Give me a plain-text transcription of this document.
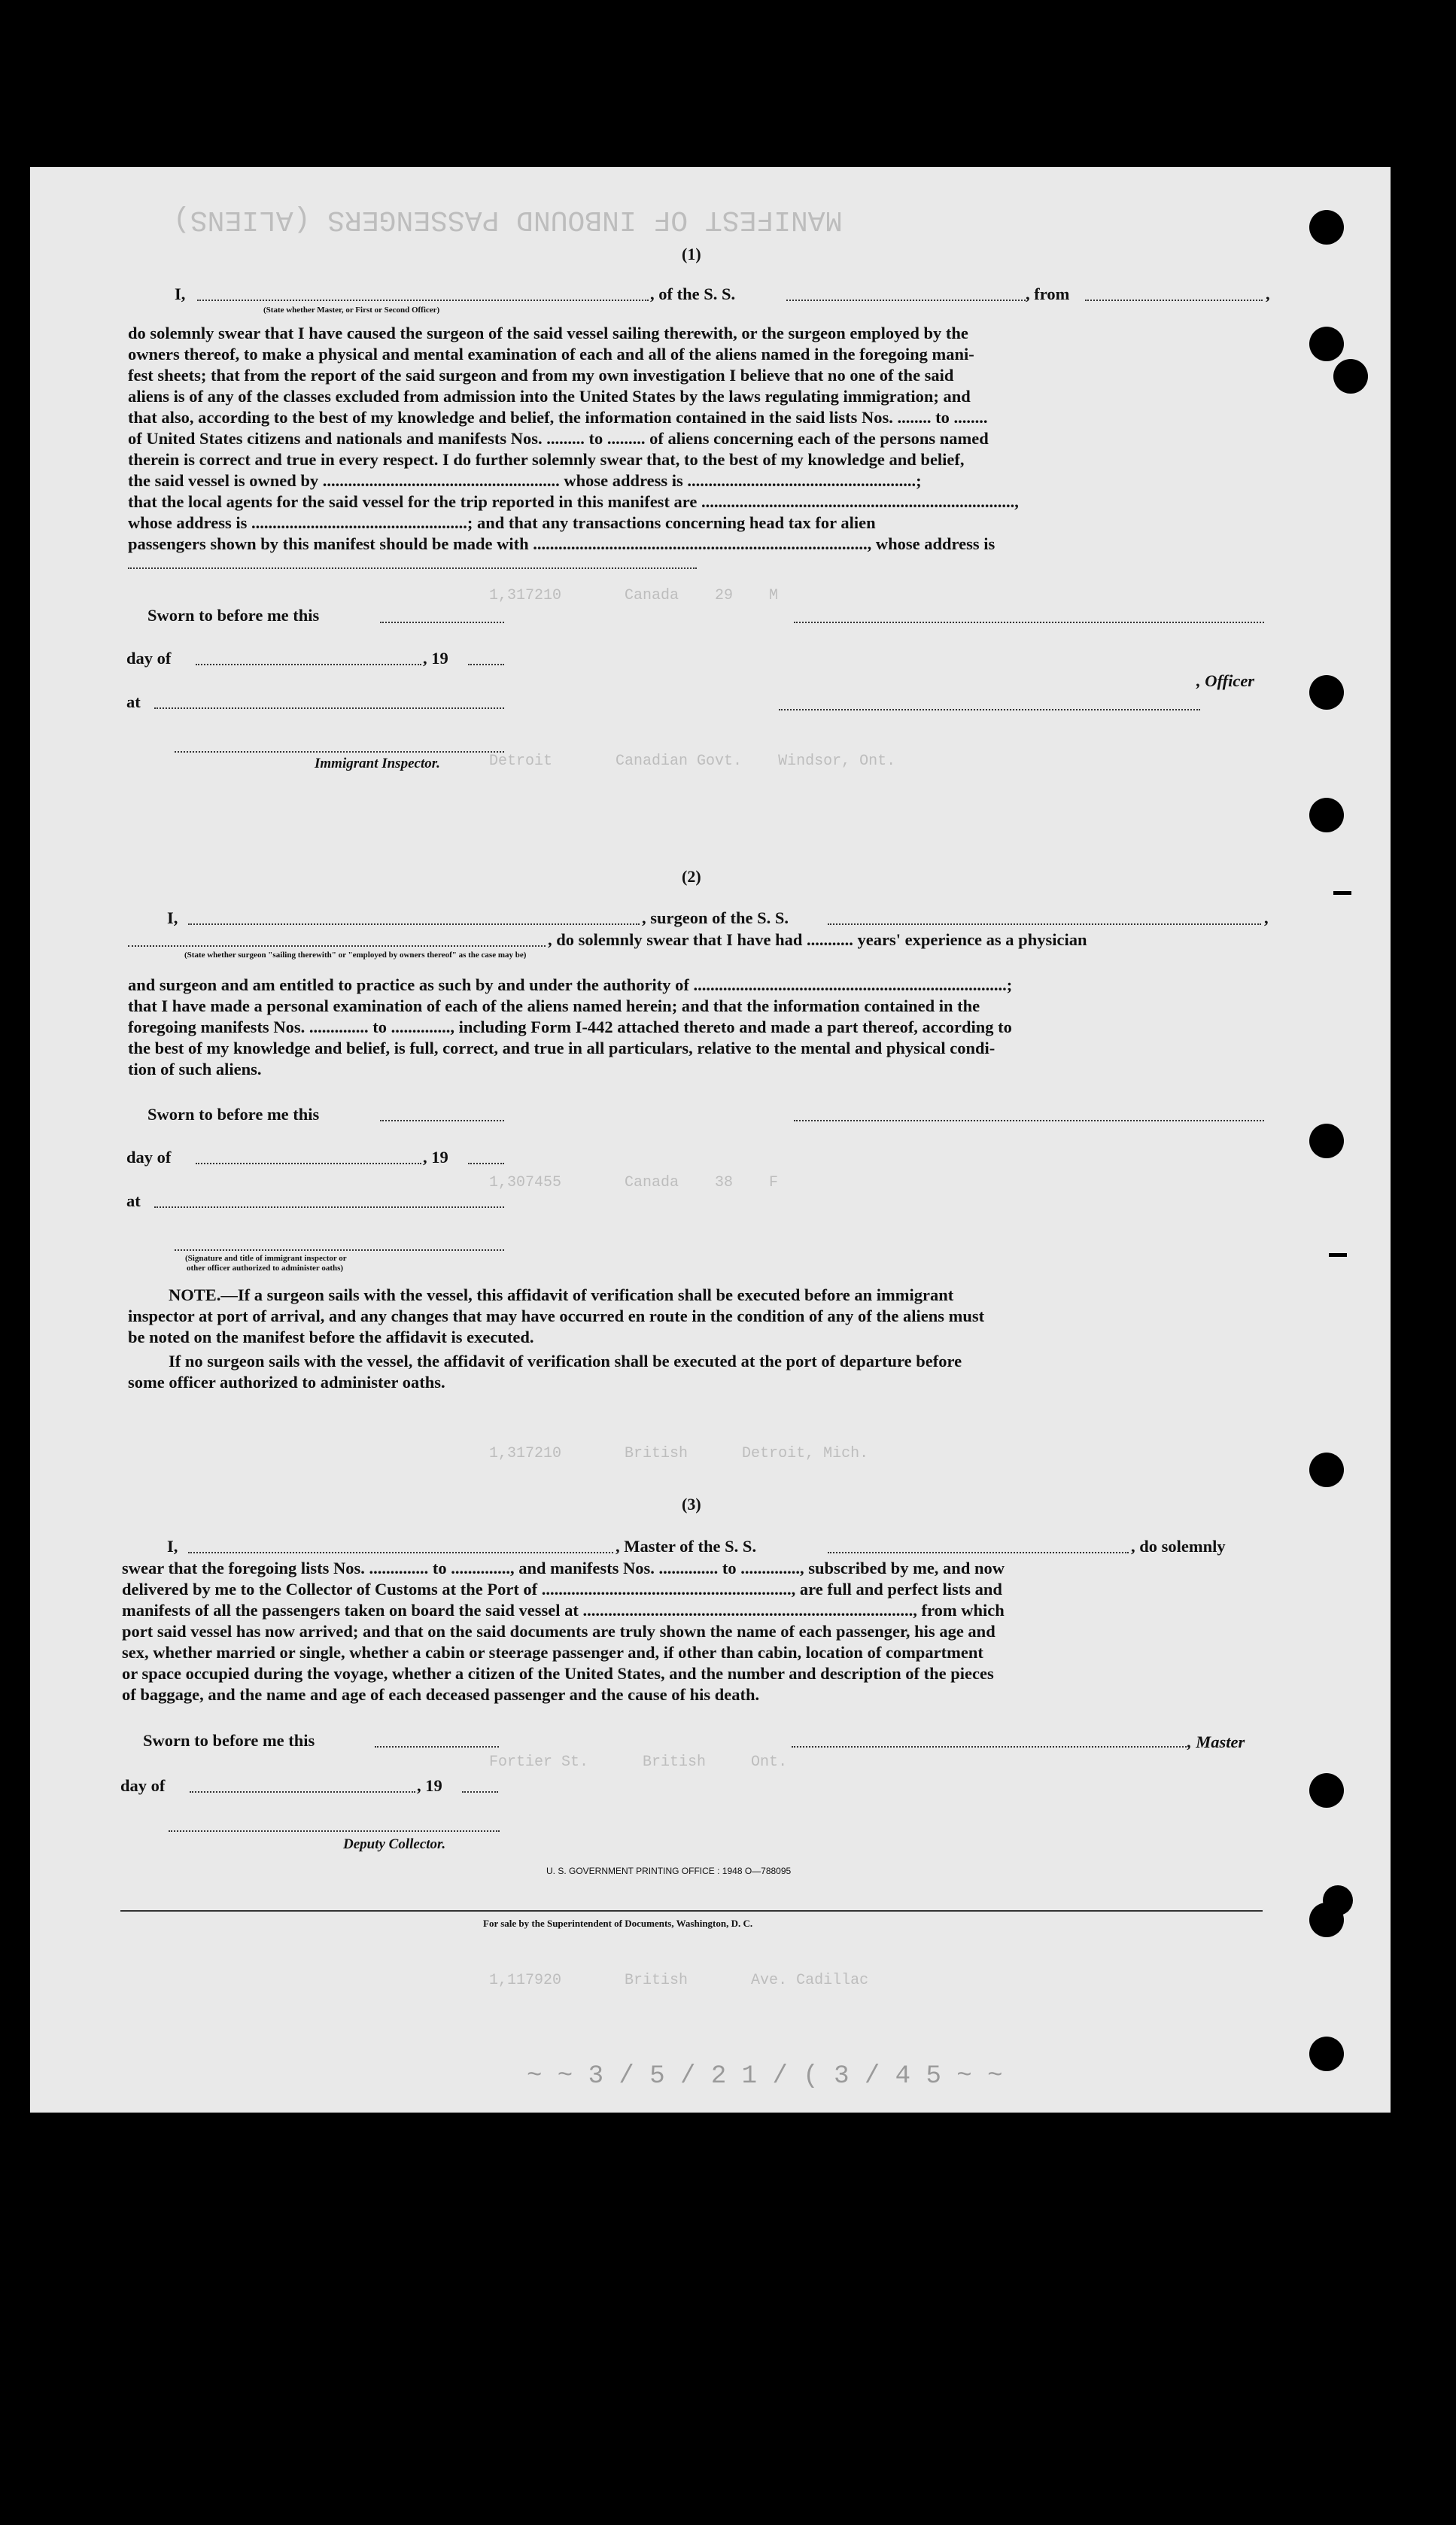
MANIFEST OF INBOUND PASSENGERS (ALIENS)
1,317210       Canada    29    M
Detroit       Canadian Govt.    Windsor, Ont.
1,307455       Canada    38    F
1,317210       British      Detroit, Mich.
Fortier St.      British     Ont.
1,117920       British       Ave. Cadillac
~ ~ 3 / 5 / 2 1 / ( 3 / 4 5 ~ ~
(1)
I,	, of the S. S.	, from	,
(State whether Master, or First or Second Officer)
do solemnly swear that I have caused the surgeon of the said vessel sailing therewith, or the surgeon employed by the
owners thereof, to make a physical and mental examination of each and all of the aliens named in the foregoing mani-
fest sheets; that from the report of the said surgeon and from my own investigation I believe that no one of the said
aliens is of any of the classes excluded from admission into the United States by the laws regulating immigration; and
that also, according to the best of my knowledge and belief, the information contained in the said lists Nos. ........ to ........
of United States citizens and nationals and manifests Nos. ......... to ......... of aliens concerning each of the persons named
therein is correct and true in every respect. I do further solemnly swear that, to the best of my knowledge and belief,
the said vessel is owned by ........................................................ whose address is ......................................................;
that the local agents for the said vessel for the trip reported in this manifest are ..........................................................................,
whose address is ...................................................; and that any transactions concerning head tax for alien
passengers shown by this manifest should be made with ..............................................................................., whose address is
Sworn to before me this
day of	, 19
at
, Officer
Immigrant Inspector.
(2)
I,	, surgeon of the S. S.	,
, do solemnly swear that I have had ........... years' experience as a physician
(State whether surgeon "sailing therewith" or "employed by owners thereof" as the case may be)
and surgeon and am entitled to practice as such by and under the authority of ..........................................................................;
that I have made a personal examination of each of the aliens named herein; and that the information contained in the
foregoing manifests Nos. .............. to .............., including Form I-442 attached thereto and made a part thereof, according to
the best of my knowledge and belief, is full, correct, and true in all particulars, relative to the mental and physical condi-
tion of such aliens.
Sworn to before me this
day of	, 19
at
(Signature and title of immigrant inspector or
other officer authorized to administer oaths)
NOTE.—If a surgeon sails with the vessel, this affidavit of verification shall be executed before an immigrant
inspector at port of arrival, and any changes that may have occurred en route in the condition of any of the aliens must
be noted on the manifest before the affidavit is executed.
If no surgeon sails with the vessel, the affidavit of verification shall be executed at the port of departure before
some officer authorized to administer oaths.
(3)
I,	, Master of the S. S.	, do solemnly
swear that the foregoing lists Nos. .............. to .............., and manifests Nos. .............. to .............., subscribed by me, and now
delivered by me to the Collector of Customs at the Port of ..........................................................., are full and perfect lists and
manifests of all the passengers taken on board the said vessel at .............................................................................., from which
port said vessel has now arrived; and that on the said documents are truly shown the name of each passenger, his age and
sex, whether married or single, whether a cabin or steerage passenger and, if other than cabin, location of compartment
or space occupied during the voyage, whether a citizen of the United States, and the number and description of the pieces
of baggage, and the name and age of each deceased passenger and the cause of his death.
Sworn to before me this	, Master
day of	, 19
Deputy Collector.
U. S. GOVERNMENT PRINTING OFFICE : 1948 O—788095
For sale by the Superintendent of Documents, Washington, D. C.
